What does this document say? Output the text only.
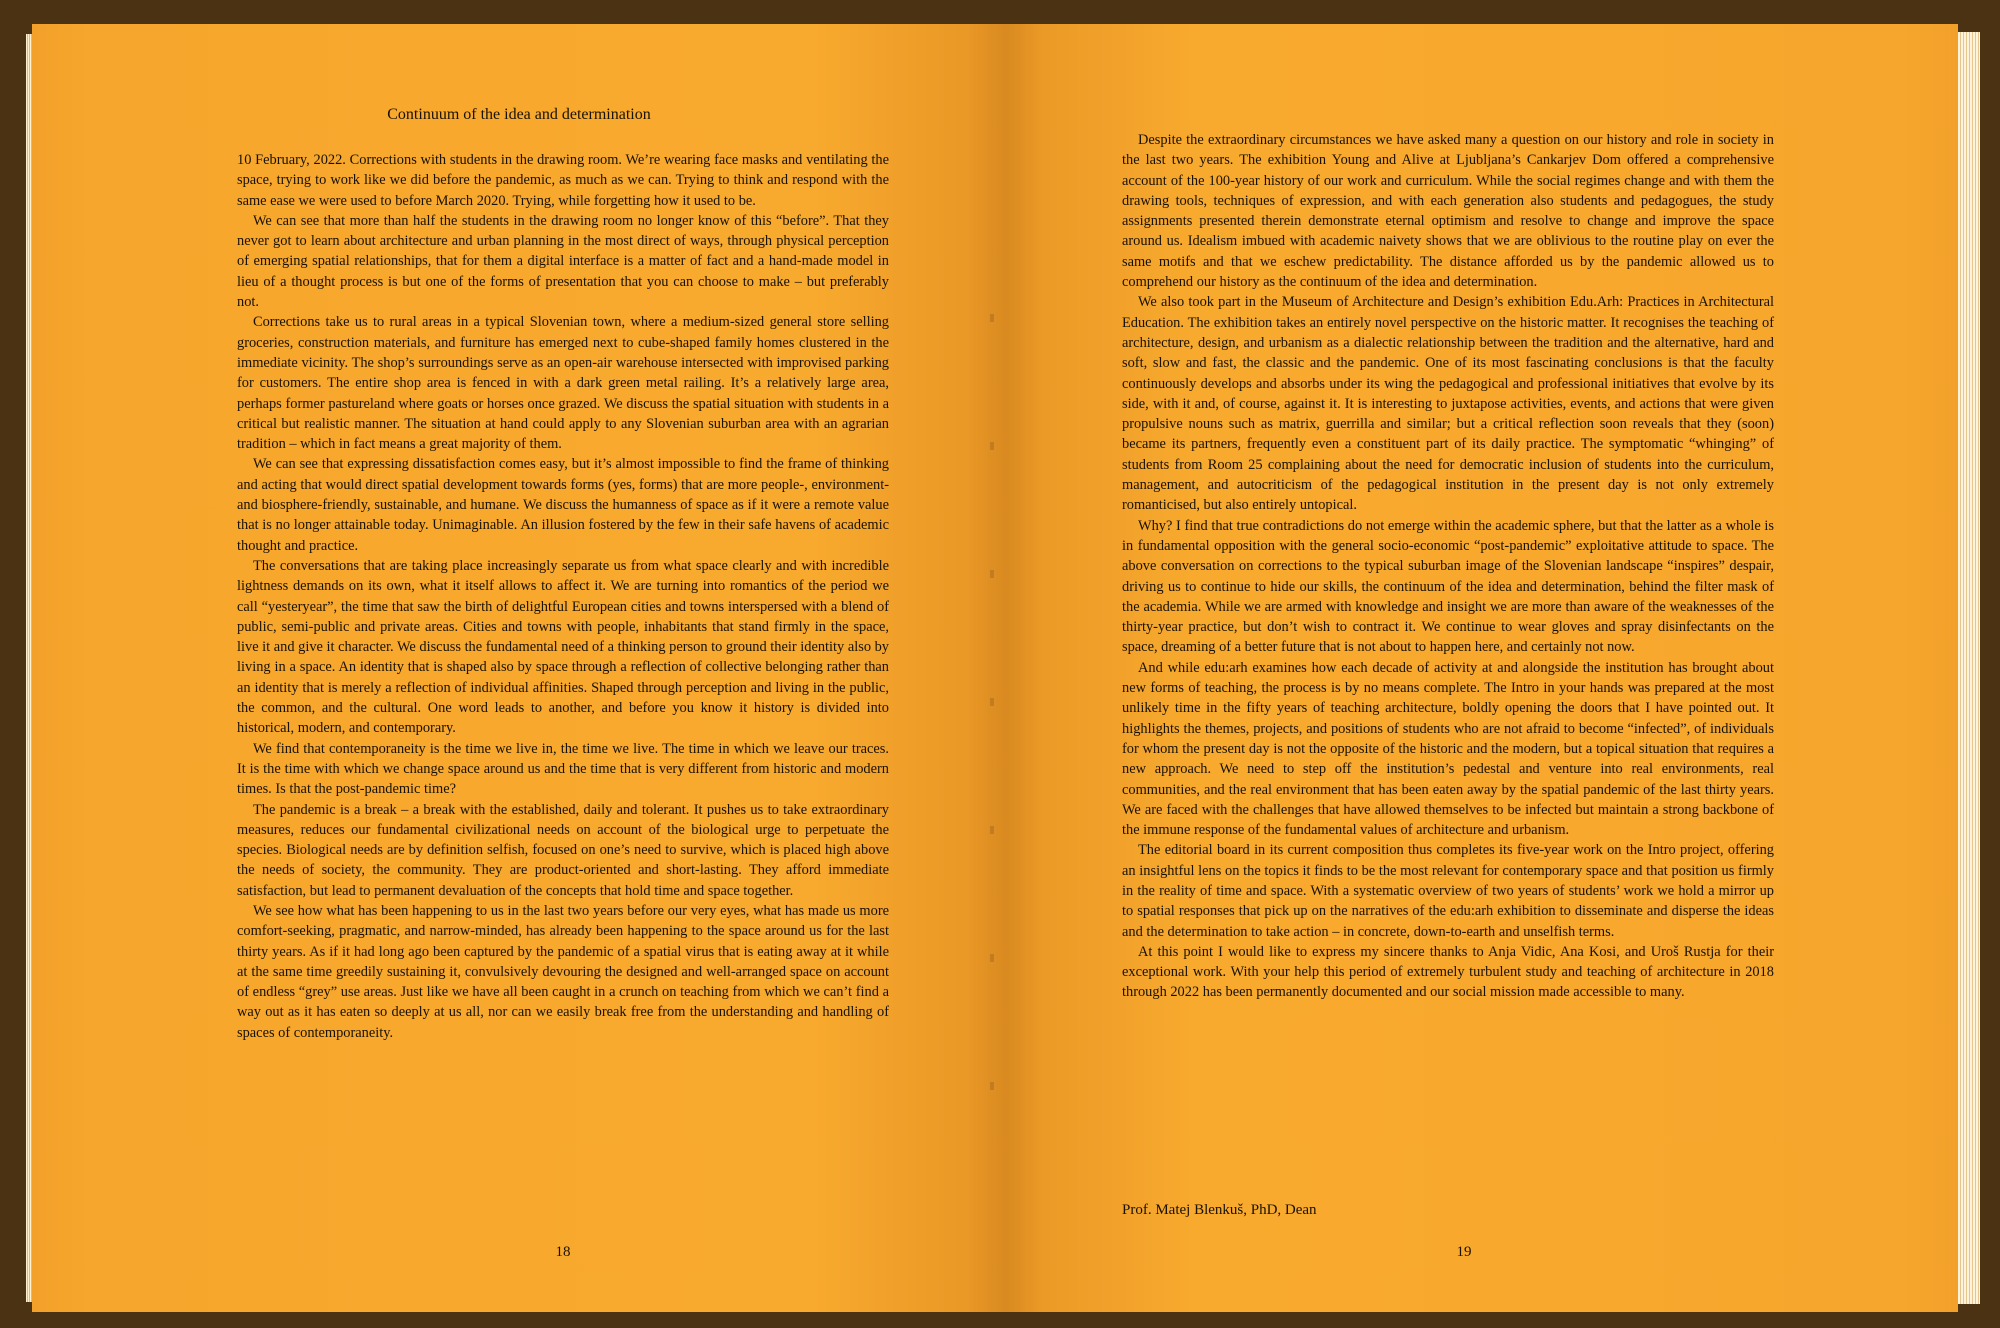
Continuum of the idea and determination

10 February, 2022. Corrections with students in the drawing room. We’re wearing face masks and ventilating the space, trying to work like we did before the pandemic, as much as we can. Trying to think and respond with the same ease we were used to before March 2020. Trying, while forgetting how it used to be.

We can see that more than half the students in the drawing room no longer know of this “before”. That they never got to learn about architecture and urban planning in the most direct of ways, through physical perception of emerging spatial relationships, that for them a digital interface is a matter of fact and a hand-made model in lieu of a thought process is but one of the forms of presentation that you can choose to make – but preferably not.

Corrections take us to rural areas in a typical Slovenian town, where a medium-sized general store selling groceries, construction materials, and furniture has emerged next to cube-shaped family homes clustered in the immediate vicinity. The shop’s surroundings serve as an open-air warehouse intersected with improvised parking for customers. The entire shop area is fenced in with a dark green metal railing. It’s a relatively large area, perhaps former pastureland where goats or horses once grazed. We discuss the spatial situation with students in a critical but realistic manner. The situation at hand could apply to any Slovenian suburban area with an agrarian tradition – which in fact means a great majority of them.

We can see that expressing dissatisfaction comes easy, but it’s almost impossible to find the frame of thinking and acting that would direct spatial development towards forms (yes, forms) that are more people-, environment- and biosphere-friendly, sustainable, and humane. We discuss the humanness of space as if it were a remote value that is no longer attainable today. Unimaginable. An illusion fostered by the few in their safe havens of academic thought and practice.

The conversations that are taking place increasingly separate us from what space clearly and with incredible lightness demands on its own, what it itself allows to affect it. We are turning into romantics of the period we call “yesteryear”, the time that saw the birth of delightful European cities and towns interspersed with a blend of public, semi-public and private areas. Cities and towns with people, inhabitants that stand firmly in the space, live it and give it character. We discuss the fundamental need of a thinking person to ground their identity also by living in a space. An identity that is shaped also by space through a reflection of collective belonging rather than an identity that is merely a reflection of individual affinities. Shaped through perception and living in the public, the common, and the cultural. One word leads to another, and before you know it history is divided into historical, modern, and contemporary.

We find that contemporaneity is the time we live in, the time we live. The time in which we leave our traces. It is the time with which we change space around us and the time that is very different from historic and modern times. Is that the post-pandemic time?

The pandemic is a break – a break with the established, daily and tolerant. It pushes us to take extraordinary measures, reduces our fundamental civilizational needs on account of the biological urge to perpetuate the species. Biological needs are by definition selfish, focused on one’s need to survive, which is placed high above the needs of society, the community. They are product-oriented and short-lasting. They afford immediate satisfaction, but lead to permanent devaluation of the concepts that hold time and space together.

We see how what has been happening to us in the last two years before our very eyes, what has made us more comfort-seeking, pragmatic, and narrow-minded, has already been happening to the space around us for the last thirty years. As if it had long ago been captured by the pandemic of a spatial virus that is eating away at it while at the same time greedily sustaining it, convulsively devouring the designed and well-arranged space on account of endless “grey” use areas. Just like we have all been caught in a crunch on teaching from which we can’t find a way out as it has eaten so deeply at us all, nor can we easily break free from the understanding and handling of spaces of contemporaneity.

18

Despite the extraordinary circumstances we have asked many a question on our history and role in society in the last two years. The exhibition Young and Alive at Ljubljana’s Cankarjev Dom offered a comprehensive account of the 100-year history of our work and curriculum. While the social regimes change and with them the drawing tools, techniques of expression, and with each generation also students and pedagogues, the study assignments presented therein demonstrate eternal optimism and resolve to change and improve the space around us. Idealism imbued with academic naivety shows that we are oblivious to the routine play on ever the same motifs and that we eschew predictability. The distance afforded us by the pandemic allowed us to comprehend our history as the continuum of the idea and determination.

We also took part in the Museum of Architecture and Design’s exhibition Edu.Arh: Practices in Architectural Education. The exhibition takes an entirely novel perspective on the historic matter. It recognises the teaching of architecture, design, and urbanism as a dialectic relationship between the tradition and the alternative, hard and soft, slow and fast, the classic and the pandemic. One of its most fascinating conclusions is that the faculty continuously develops and absorbs under its wing the pedagogical and professional initiatives that evolve by its side, with it and, of course, against it. It is interesting to juxtapose activities, events, and actions that were given propulsive nouns such as matrix, guerrilla and similar; but a critical reflection soon reveals that they (soon) became its partners, frequently even a constituent part of its daily practice. The symptomatic “whinging” of students from Room 25 complaining about the need for democratic inclusion of students into the curriculum, management, and autocriticism of the pedagogical institution in the present day is not only extremely romanticised, but also entirely untopical.

Why? I find that true contradictions do not emerge within the academic sphere, but that the latter as a whole is in fundamental opposition with the general socio-economic “post-pandemic” exploitative attitude to space. The above conversation on corrections to the typical suburban image of the Slovenian landscape “inspires” despair, driving us to continue to hide our skills, the continuum of the idea and determination, behind the filter mask of the academia. While we are armed with knowledge and insight we are more than aware of the weaknesses of the thirty-year practice, but don’t wish to contract it. We continue to wear gloves and spray disinfectants on the space, dreaming of a better future that is not about to happen here, and certainly not now.

And while edu:arh examines how each decade of activity at and alongside the institution has brought about new forms of teaching, the process is by no means complete. The Intro in your hands was prepared at the most unlikely time in the fifty years of teaching architecture, boldly opening the doors that I have pointed out. It highlights the themes, projects, and positions of students who are not afraid to become “infected”, of individuals for whom the present day is not the opposite of the historic and the modern, but a topical situation that requires a new approach. We need to step off the institution’s pedestal and venture into real environments, real communities, and the real environment that has been eaten away by the spatial pandemic of the last thirty years. We are faced with the challenges that have allowed themselves to be infected but maintain a strong backbone of the immune response of the fundamental values of architecture and urbanism.

The editorial board in its current composition thus completes its five-year work on the Intro project, offering an insightful lens on the topics it finds to be the most relevant for contemporary space and that position us firmly in the reality of time and space. With a systematic overview of two years of students’ work we hold a mirror up to spatial responses that pick up on the narratives of the edu:arh exhibition to disseminate and disperse the ideas and the determination to take action – in concrete, down-to-earth and unselfish terms.

At this point I would like to express my sincere thanks to Anja Vidic, Ana Kosi, and Uroš Rustja for their exceptional work. With your help this period of extremely turbulent study and teaching of architecture in 2018 through 2022 has been permanently documented and our social mission made accessible to many.

Prof. Matej Blenkuš, PhD, Dean
19
